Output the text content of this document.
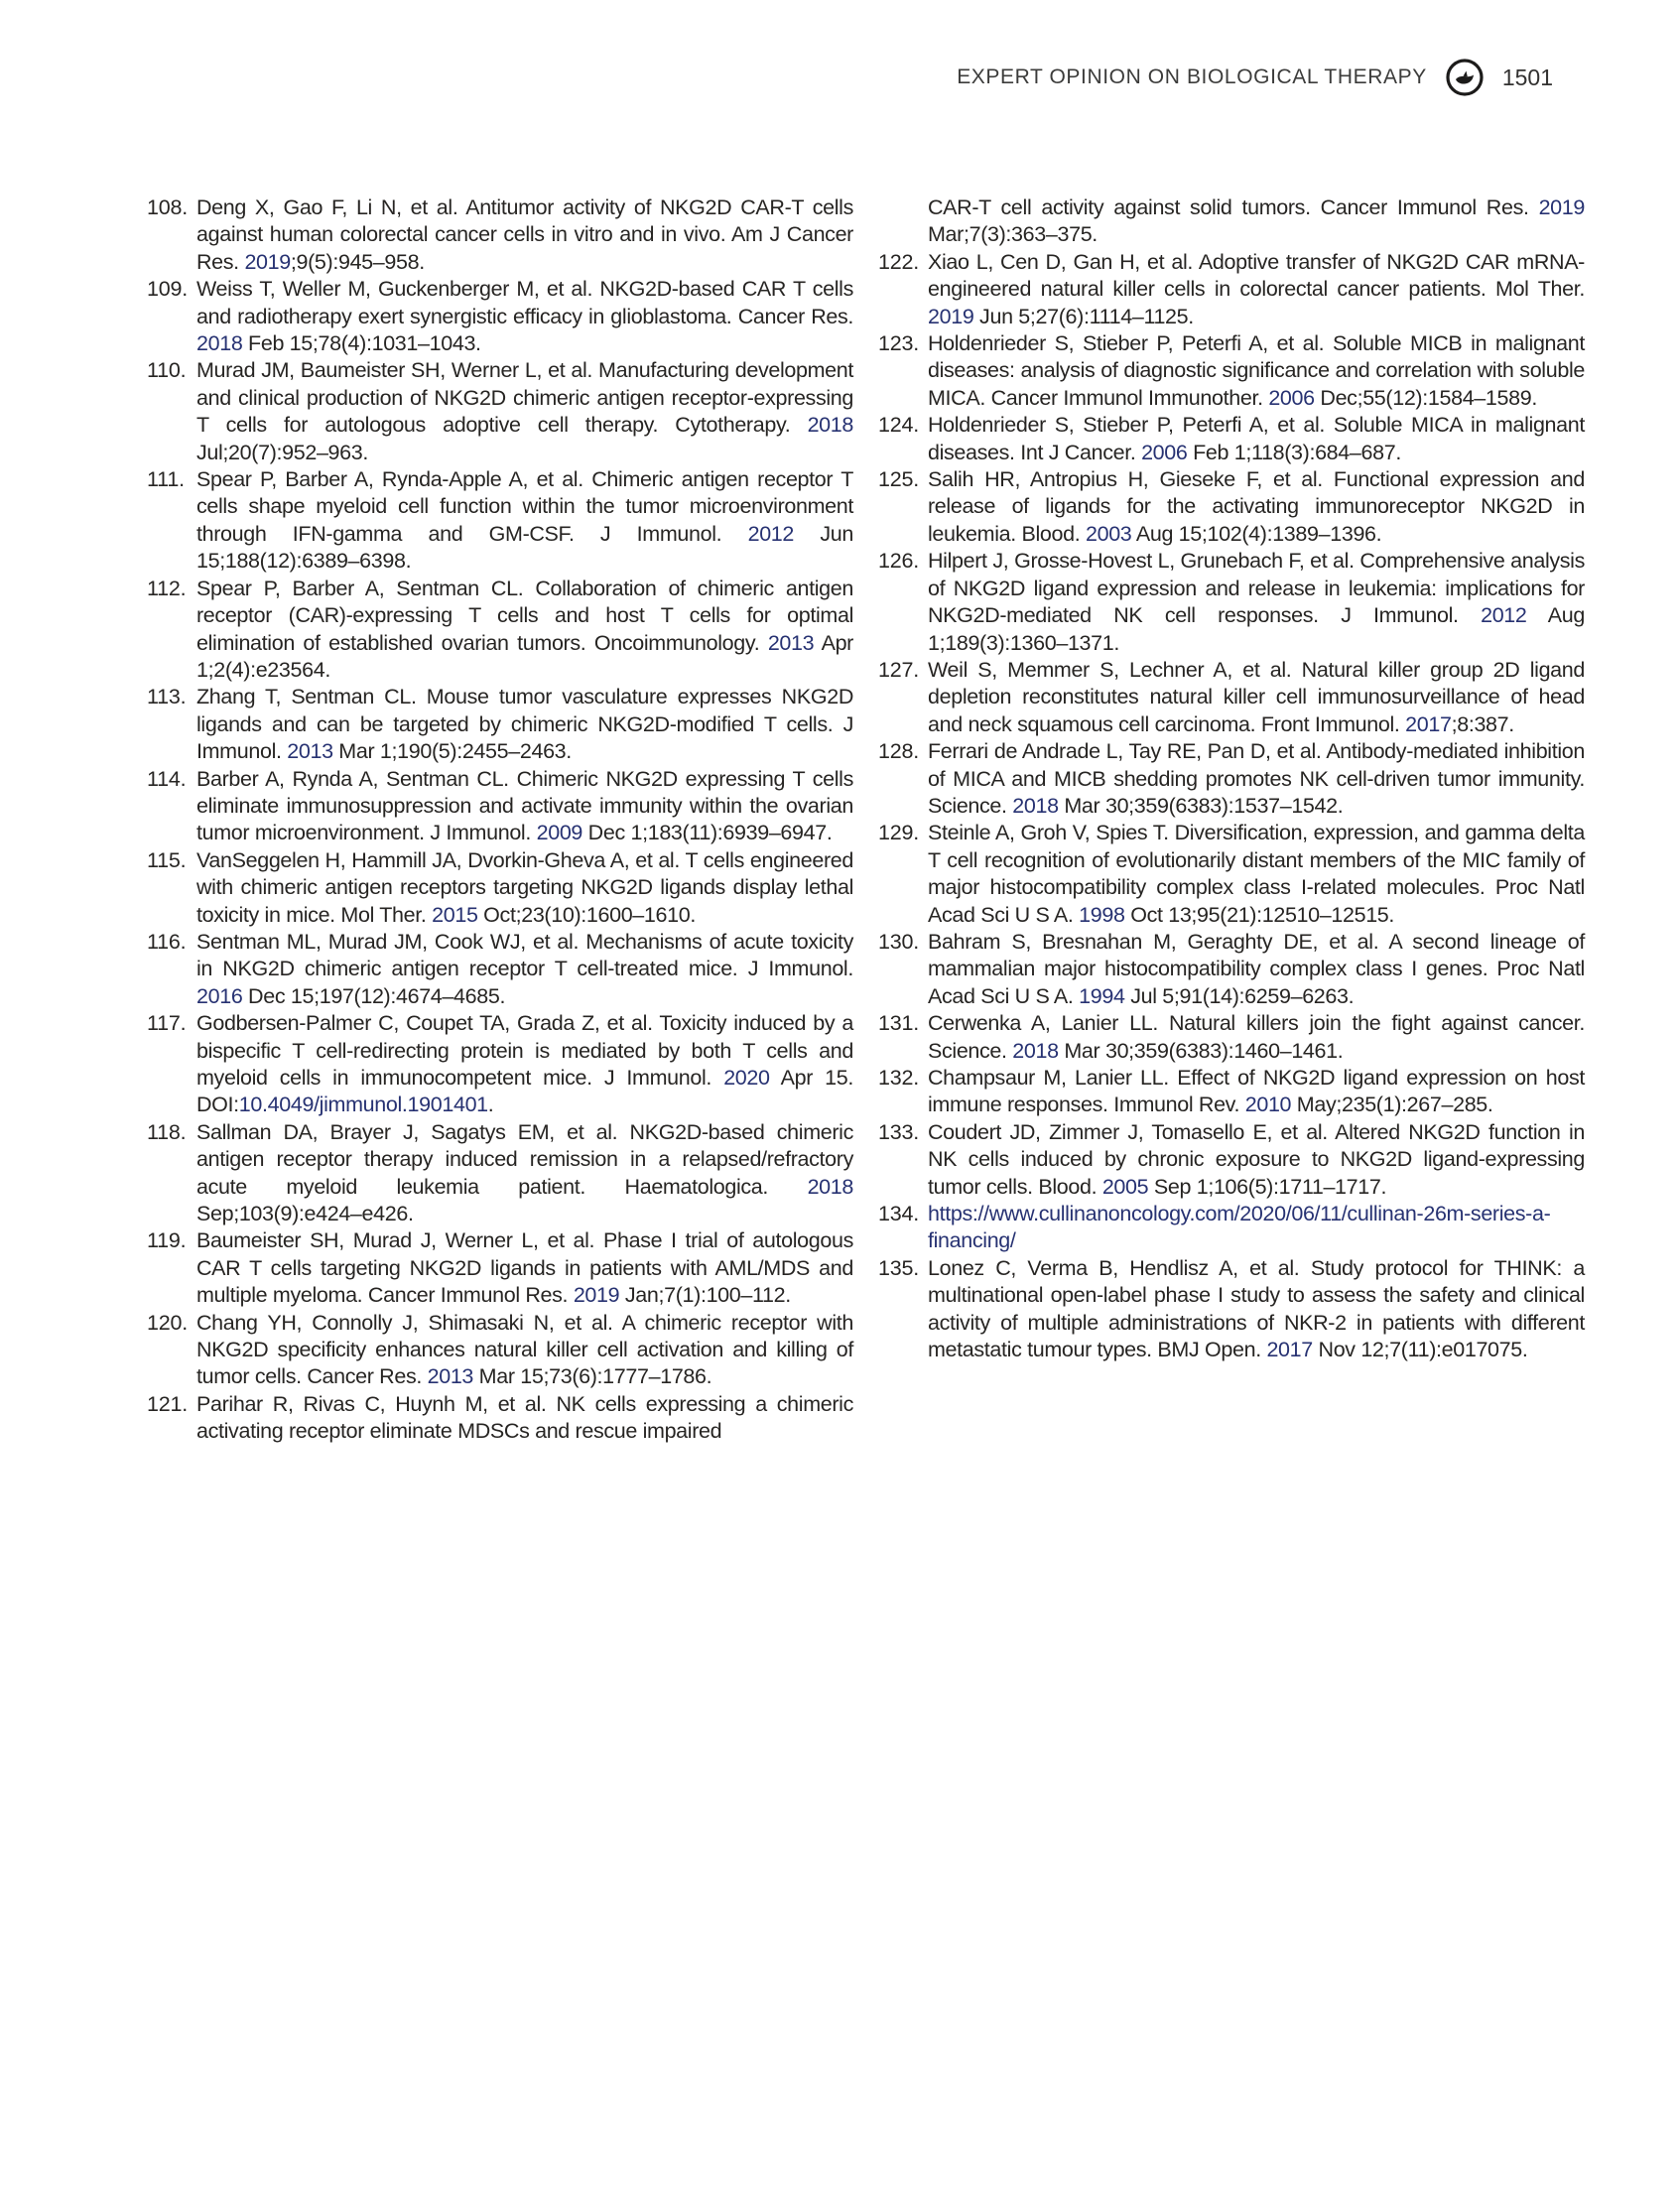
EXPERT OPINION ON BIOLOGICAL THERAPY	1501
108. Deng X, Gao F, Li N, et al. Antitumor activity of NKG2D CAR-T cells against human colorectal cancer cells in vitro and in vivo. Am J Cancer Res. 2019;9(5):945–958.
109. Weiss T, Weller M, Guckenberger M, et al. NKG2D-based CAR T cells and radiotherapy exert synergistic efficacy in glioblastoma. Cancer Res. 2018 Feb 15;78(4):1031–1043.
110. Murad JM, Baumeister SH, Werner L, et al. Manufacturing development and clinical production of NKG2D chimeric antigen receptor-expressing T cells for autologous adoptive cell therapy. Cytotherapy. 2018 Jul;20(7):952–963.
111. Spear P, Barber A, Rynda-Apple A, et al. Chimeric antigen receptor T cells shape myeloid cell function within the tumor microenvironment through IFN-gamma and GM-CSF. J Immunol. 2012 Jun 15;188(12):6389–6398.
112. Spear P, Barber A, Sentman CL. Collaboration of chimeric antigen receptor (CAR)-expressing T cells and host T cells for optimal elimination of established ovarian tumors. Oncoimmunology. 2013 Apr 1;2(4):e23564.
113. Zhang T, Sentman CL. Mouse tumor vasculature expresses NKG2D ligands and can be targeted by chimeric NKG2D-modified T cells. J Immunol. 2013 Mar 1;190(5):2455–2463.
114. Barber A, Rynda A, Sentman CL. Chimeric NKG2D expressing T cells eliminate immunosuppression and activate immunity within the ovarian tumor microenvironment. J Immunol. 2009 Dec 1;183(11):6939–6947.
115. VanSeggelen H, Hammill JA, Dvorkin-Gheva A, et al. T cells engineered with chimeric antigen receptors targeting NKG2D ligands display lethal toxicity in mice. Mol Ther. 2015 Oct;23(10):1600–1610.
116. Sentman ML, Murad JM, Cook WJ, et al. Mechanisms of acute toxicity in NKG2D chimeric antigen receptor T cell-treated mice. J Immunol. 2016 Dec 15;197(12):4674–4685.
117. Godbersen-Palmer C, Coupet TA, Grada Z, et al. Toxicity induced by a bispecific T cell-redirecting protein is mediated by both T cells and myeloid cells in immunocompetent mice. J Immunol. 2020 Apr 15. DOI:10.4049/jimmunol.1901401.
118. Sallman DA, Brayer J, Sagatys EM, et al. NKG2D-based chimeric antigen receptor therapy induced remission in a relapsed/refractory acute myeloid leukemia patient. Haematologica. 2018 Sep;103(9):e424–e426.
119. Baumeister SH, Murad J, Werner L, et al. Phase I trial of autologous CAR T cells targeting NKG2D ligands in patients with AML/MDS and multiple myeloma. Cancer Immunol Res. 2019 Jan;7(1):100–112.
120. Chang YH, Connolly J, Shimasaki N, et al. A chimeric receptor with NKG2D specificity enhances natural killer cell activation and killing of tumor cells. Cancer Res. 2013 Mar 15;73(6):1777–1786.
121. Parihar R, Rivas C, Huynh M, et al. NK cells expressing a chimeric activating receptor eliminate MDSCs and rescue impaired
CAR-T cell activity against solid tumors. Cancer Immunol Res. 2019 Mar;7(3):363–375.
122. Xiao L, Cen D, Gan H, et al. Adoptive transfer of NKG2D CAR mRNA-engineered natural killer cells in colorectal cancer patients. Mol Ther. 2019 Jun 5;27(6):1114–1125.
123. Holdenrieder S, Stieber P, Peterfi A, et al. Soluble MICB in malignant diseases: analysis of diagnostic significance and correlation with soluble MICA. Cancer Immunol Immunother. 2006 Dec;55(12):1584–1589.
124. Holdenrieder S, Stieber P, Peterfi A, et al. Soluble MICA in malignant diseases. Int J Cancer. 2006 Feb 1;118(3):684–687.
125. Salih HR, Antropius H, Gieseke F, et al. Functional expression and release of ligands for the activating immunoreceptor NKG2D in leukemia. Blood. 2003 Aug 15;102(4):1389–1396.
126. Hilpert J, Grosse-Hovest L, Grunebach F, et al. Comprehensive analysis of NKG2D ligand expression and release in leukemia: implications for NKG2D-mediated NK cell responses. J Immunol. 2012 Aug 1;189(3):1360–1371.
127. Weil S, Memmer S, Lechner A, et al. Natural killer group 2D ligand depletion reconstitutes natural killer cell immunosurveillance of head and neck squamous cell carcinoma. Front Immunol. 2017;8:387.
128. Ferrari de Andrade L, Tay RE, Pan D, et al. Antibody-mediated inhibition of MICA and MICB shedding promotes NK cell-driven tumor immunity. Science. 2018 Mar 30;359(6383):1537–1542.
129. Steinle A, Groh V, Spies T. Diversification, expression, and gamma delta T cell recognition of evolutionarily distant members of the MIC family of major histocompatibility complex class I-related molecules. Proc Natl Acad Sci U S A. 1998 Oct 13;95(21):12510–12515.
130. Bahram S, Bresnahan M, Geraghty DE, et al. A second lineage of mammalian major histocompatibility complex class I genes. Proc Natl Acad Sci U S A. 1994 Jul 5;91(14):6259–6263.
131. Cerwenka A, Lanier LL. Natural killers join the fight against cancer. Science. 2018 Mar 30;359(6383):1460–1461.
132. Champsaur M, Lanier LL. Effect of NKG2D ligand expression on host immune responses. Immunol Rev. 2010 May;235(1):267–285.
133. Coudert JD, Zimmer J, Tomasello E, et al. Altered NKG2D function in NK cells induced by chronic exposure to NKG2D ligand-expressing tumor cells. Blood. 2005 Sep 1;106(5):1711–1717.
134. https://www.cullinanoncology.com/2020/06/11/cullinan-26m-series-a-financing/
135. Lonez C, Verma B, Hendlisz A, et al. Study protocol for THINK: a multinational open-label phase I study to assess the safety and clinical activity of multiple administrations of NKR-2 in patients with different metastatic tumour types. BMJ Open. 2017 Nov 12;7(11):e017075.
